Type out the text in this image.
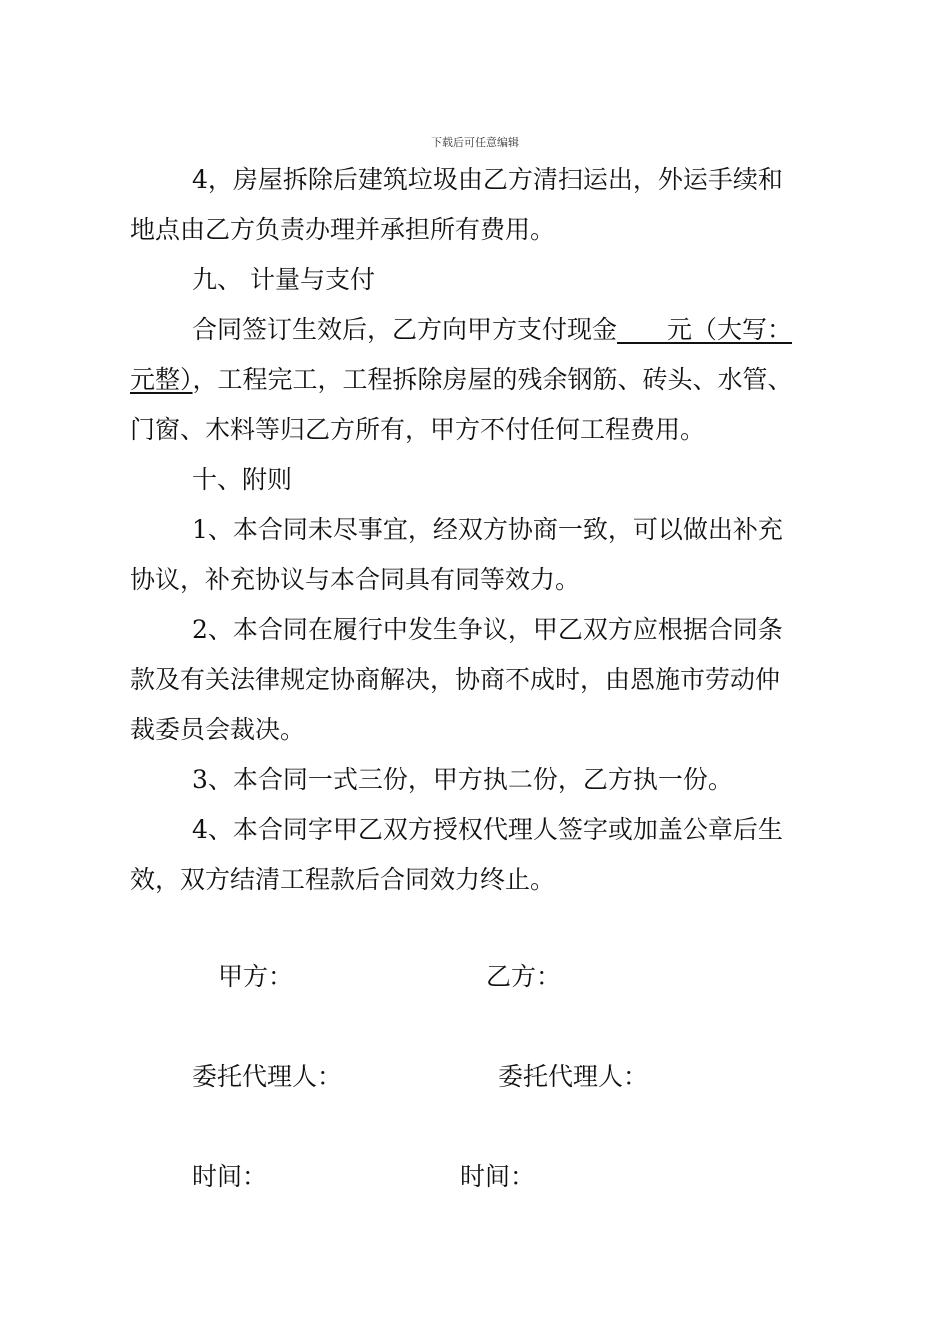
下载后可任意编辑
4，房屋拆除后建筑垃圾由乙方清扫运出，外运手续和
地点由乙方负责办理并承担所有费用。
九、 计量与支付
合同签订生效后，乙方向甲方支付现金　　元（大写：
元整），工程完工，工程拆除房屋的残余钢筋、砖头、水管、
门窗、木料等归乙方所有，甲方不付任何工程费用。
十、附则
1、本合同未尽事宜，经双方协商一致，可以做出补充
协议，补充协议与本合同具有同等效力。
2、本合同在履行中发生争议，甲乙双方应根据合同条
款及有关法律规定协商解决，协商不成时，由恩施市劳动仲
裁委员会裁决。
3、本合同一式三份，甲方执二份，乙方执一份。
4、本合同字甲乙双方授权代理人签字或加盖公章后生
效，双方结清工程款后合同效力终止。
甲方：	乙方：
委托代理人：	委托代理人：
时间：	时间：
